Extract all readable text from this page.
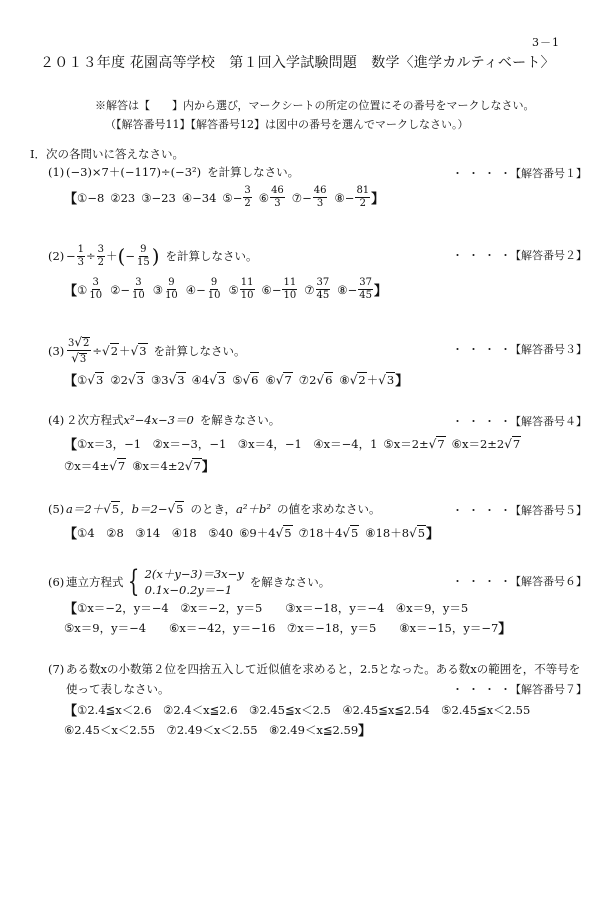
3－1
２０１３年度 花園高等学校　第１回入学試験問題　数学〈進学カルティベート〉
※解答は【　　】内から選び，マークシートの所定の位置にその番号をマークしなさい。
（【解答番号11】【解答番号12】は図中の番号を選んでマークしなさい。）
Ⅰ．次の各問いに答えなさい。
(1) (−3)×7＋(−117)÷(−3²) を計算しなさい。	・・・・
【解答番号１】
【 ①−8 ②23 ③−23 ④−34 ⑤− $\frac{3}{2}$ ⑥ $\frac{46}{3}$ ⑦− $\frac{46}{3}$ ⑧− $\frac{81}{2}$ 】
$(2) - \frac{1}{3} \div \frac{3}{2}$ ＋ ( − $\frac{9}{15}$ ) を計算しなさい。	・・・・
【解答番号２】
【 ① $\frac{3}{10}$ ②− $\frac{3}{10}$ ③ $\frac{9}{10}$ ④− $\frac{9}{10}$ ⑤ $\frac{11}{10}$ ⑥− $\frac{11}{10}$ ⑦ $\frac{37}{45}$ ⑧− $\frac{37}{45}$ 】
$(3) \frac{3√2}{√3} \div √2 + √3$ を計算しなさい。	・・・・
【解答番号３】
【 ① √3 ② 2 √3 ③ 3 √3 ④ 4 √3 ⑤ √6 ⑥ √7 ⑦ 2 √6 ⑧ √2 ＋ √3 】
(4) ２次方程式 x²−4x−3＝0 を解きなさい。	・・・・
【解答番号４】
【 ①x＝3，−1　②x＝−3，−1　③x＝4，−1　④x＝−4，1 ⑤x＝2± √7 ⑥x＝2±2 √7
⑦x＝4± √7 ⑧x＝4±2 √7 】
(5) a＝2＋ √5 ，b＝2− √5 のとき， a²＋b² の値を求めなさい。	・・・・
【解答番号５】
【 ①4　②8　③14　④18　⑤40 ⑥9＋4 √5 ⑦18＋4 √5 ⑧18＋8 √5 】
(6) 連立方程式 { 2(x＋y−3)＝3x−y
0.1x−0.2y＝−1
を解きなさい。	・・・・
【解答番号６】
【 ①x＝−2，y＝−4　②x＝−2，y＝5　　③x＝−18，y＝−4　④x＝9，y＝5
⑤x＝9，y＝−4　　⑥x＝−42，y＝−16　⑦x＝−18，y＝5　　⑧x＝−15，y＝−7 】
(7) ある数xの小数第２位を四捨五入して近似値を求めると，2.5となった。ある数xの範囲を，不等号を
使って表しなさい。	・・・・
【解答番号７】
【 ①2.4≦x＜2.6　②2.4＜x≦2.6　③2.45≦x＜2.5　④2.45≦x≦2.54　⑤2.45≦x＜2.55
⑥2.45＜x＜2.55　⑦2.49＜x＜2.55　⑧2.49＜x≦2.59 】
